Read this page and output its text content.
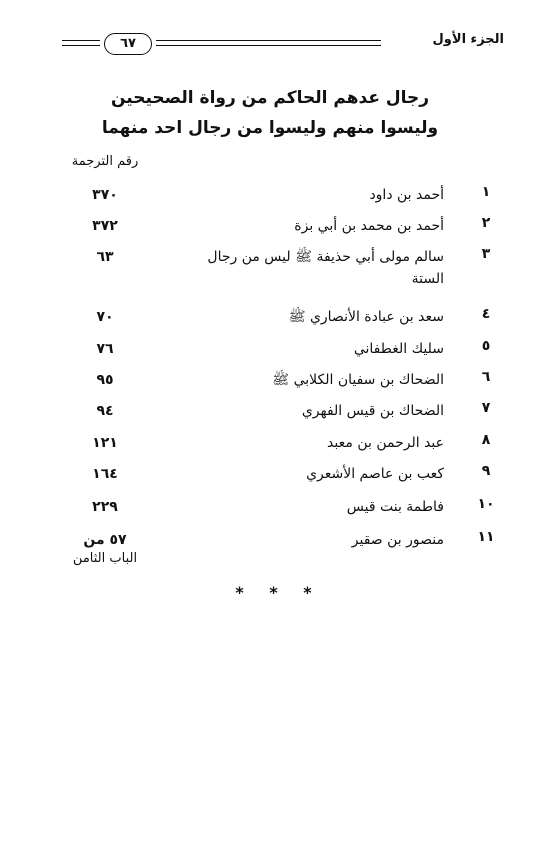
الجزء الأول
٦٧
رجال عدهم الحاكم من رواة الصحيحين
وليسوا منهم وليسوا من رجال احد منهما
رقم الترجمة
١
أحمد بن داود
٣٧٠
٢
أحمد بن محمد بن أبي بزة
٣٧٢
٣
سالم مولى أبي حذيفة ﷺ ليس من رجال
الستة
٦٣
٤
سعد بن عبادة الأنصاري ﷺ
٧٠
٥
سليك الغطفاني
٧٦
٦
الضحاك بن سفيان الكلابي ﷺ
٩٥
٧
الضحاك بن قيس الفهري
٩٤
٨
عبد الرحمن بن معبد
١٢١
٩
كعب بن عاصم الأشعري
١٦٤
١٠
فاطمة بنت قيس
٢٢٩
١١
منصور بن صقير
٥٧ من
الباب الثامن
* * *
